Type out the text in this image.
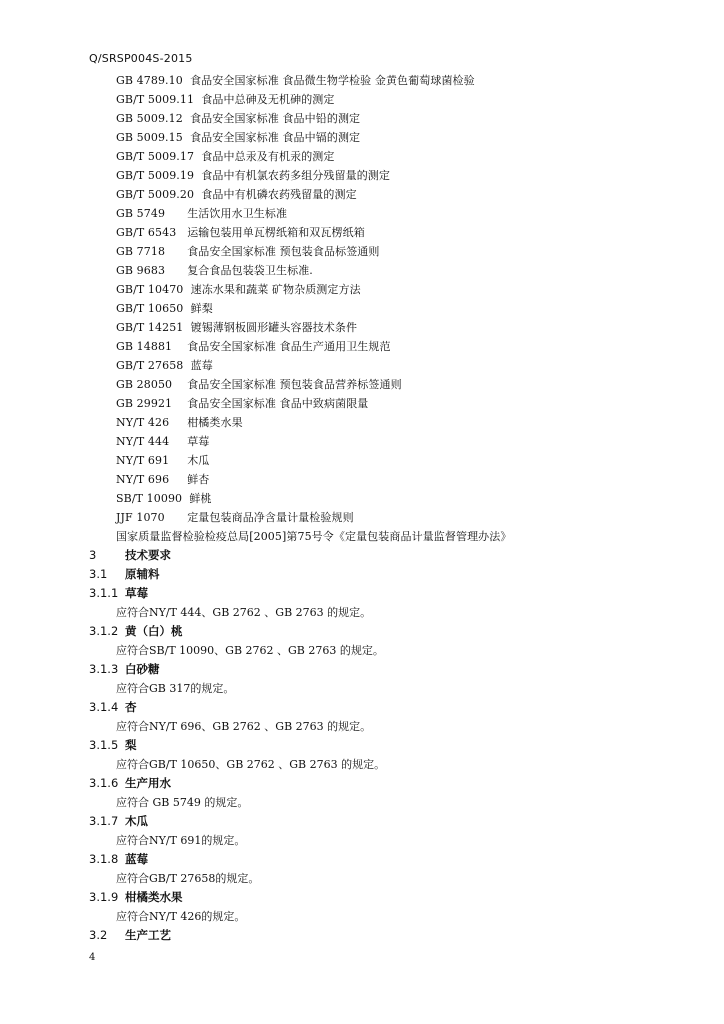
Q/SRSP004S-2015
GB 4789.10 食品安全国家标准 食品微生物学检验 金黄色葡萄球菌检验
GB/T 5009.11 食品中总砷及无机砷的测定
GB 5009.12 食品安全国家标准 食品中铅的测定
GB 5009.15 食品安全国家标准 食品中镉的测定
GB/T 5009.17 食品中总汞及有机汞的测定
GB/T 5009.19 食品中有机氯农药多组分残留量的测定
GB/T 5009.20 食品中有机磷农药残留量的测定
GB 5749 生活饮用水卫生标准
GB/T 6543 运输包装用单瓦楞纸箱和双瓦楞纸箱
GB 7718 食品安全国家标准 预包装食品标签通则
GB 9683 复合食品包装袋卫生标准.
GB/T 10470 速冻水果和蔬菜 矿物杂质测定方法
GB/T 10650 鲜梨
GB/T 14251 镀锡薄钢板圆形罐头容器技术条件
GB 14881 食品安全国家标准 食品生产通用卫生规范
GB/T 27658 蓝莓
GB 28050 食品安全国家标准 预包装食品营养标签通则
GB 29921 食品安全国家标准 食品中致病菌限量
NY/T 426 柑橘类水果
NY/T 444 草莓
NY/T 691 木瓜
NY/T 696 鲜杏
SB/T 10090 鲜桃
JJF 1070 定量包装商品净含量计量检验规则
国家质量监督检验检疫总局[2005]第75号令《定量包装商品计量监督管理办法》
3 技术要求
3.1 原辅料
3.1.1 草莓
应符合NY/T 444、GB 2762 、GB 2763 的规定。
3.1.2 黄（白）桃
应符合SB/T 10090、GB 2762 、GB 2763 的规定。
3.1.3 白砂糖
应符合GB 317的规定。
3.1.4 杏
应符合NY/T 696、GB 2762 、GB 2763 的规定。
3.1.5 梨
应符合GB/T 10650、GB 2762 、GB 2763 的规定。
3.1.6 生产用水
应符合 GB 5749 的规定。
3.1.7 木瓜
应符合NY/T 691的规定。
3.1.8 蓝莓
应符合GB/T 27658的规定。
3.1.9 柑橘类水果
应符合NY/T 426的规定。
3.2 生产工艺
4
